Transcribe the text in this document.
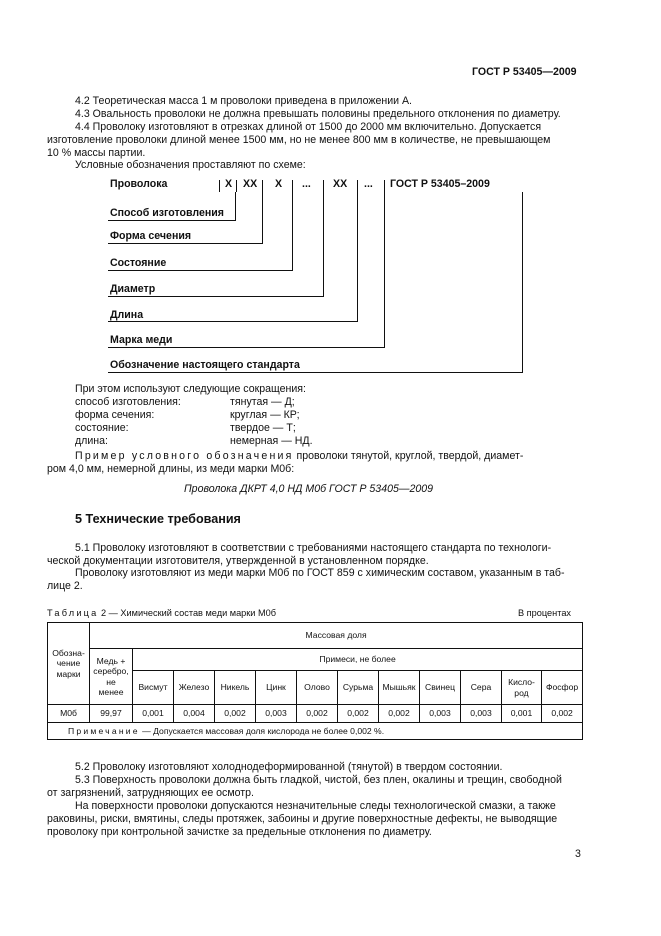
ГОСТ Р 53405—2009
4.2 Теоретическая масса 1 м проволоки приведена в приложении А.
4.3 Овальность проволоки не должна превышать половины предельного отклонения по диаметру.
4.4 Проволоку изготовляют в отрезках длиной от 1500 до 2000 мм включительно. Допускается
изготовление проволоки длиной менее 1500 мм, но не менее 800 мм в количестве, не превышающем
10 % массы партии.
Условные обозначения проставляют по схеме:
Проволока	Х ХХ Х ... ХХ ... ГОСТ Р 53405–2009
Способ изготовления
Форма сечения
Состояние
Диаметр
Длина
Марка меди
Обозначение настоящего стандарта
При этом используют следующие сокращения:
способ изготовления:	тянутая — Д;
форма сечения:	круглая — КР;
состояние:	твердое — Т;
длина:	немерная — НД.
Пример условного обозначения проволоки тянутой, круглой, твердой, диамет-
ром 4,0 мм, немерной длины, из меди марки М0б:
Проволока ДКРТ 4,0 НД М0б ГОСТ Р 53405—2009
5 Технические требования
5.1 Проволоку изготовляют в соответствии с требованиями настоящего стандарта по технологи-
ческой документации изготовителя, утвержденной в установленном порядке.
Проволоку изготовляют из меди марки М0б по ГОСТ 859 с химическим составом, указанным в таб-
лице 2.
Таблица 2 — Химический состав меди марки М0б	В процентах
Обозна-
чение
марки	Массовая доля											

	Медь +
серебро,
не
менее	Примеси, не более										
		Висмут	Железо	Никель	Цинк	Олово	Сурьма	Мышьяк	Свинец	Сера	Кисло-
род	Фосфор
М0б	99,97	0,001	0,004	0,002	0,003	0,002	0,002	0,002	0,003	0,003	0,001	0,002
Примечание — Допускается массовая доля кислорода не более 0,002 %.												
5.2 Проволоку изготовляют холоднодеформированной (тянутой) в твердом состоянии.
5.3 Поверхность проволоки должна быть гладкой, чистой, без плен, окалины и трещин, свободной
от загрязнений, затрудняющих ее осмотр.
На поверхности проволоки допускаются незначительные следы технологической смазки, а также
раковины, риски, вмятины, следы протяжек, забоины и другие поверхностные дефекты, не выводящие
проволоку при контрольной зачистке за предельные отклонения по диаметру.
3
